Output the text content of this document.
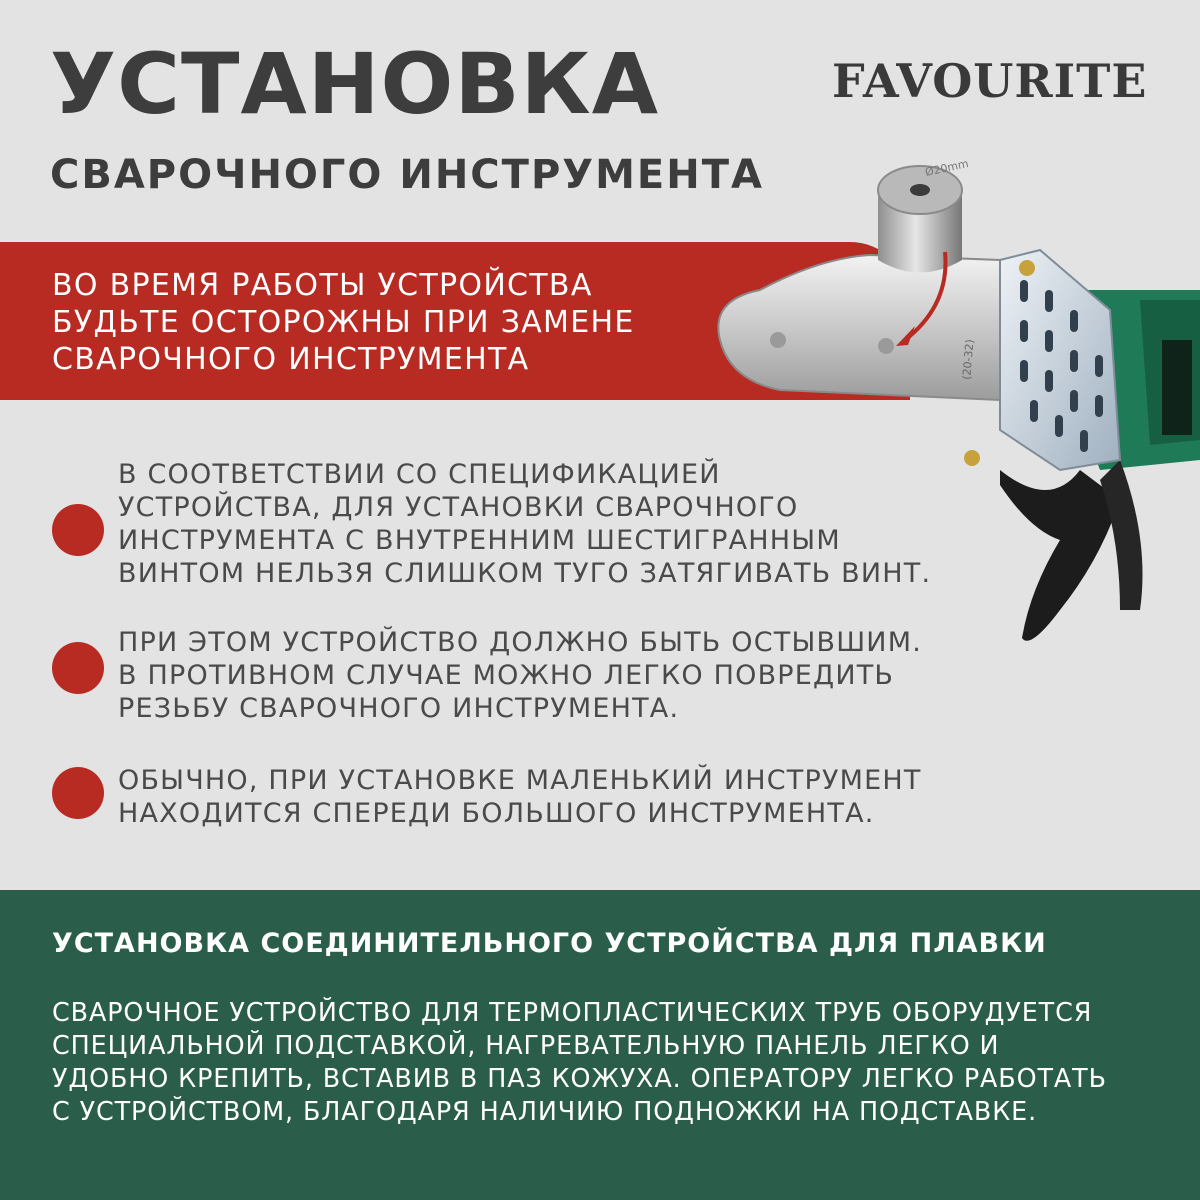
УСТАНОВКА
СВАРОЧНОГО ИНСТРУМЕНТА
FAVOURITE
(20-32)
Ø20mm

ВО ВРЕМЯ РАБОТЫ УСТРОЙСТВА
БУДЬТЕ ОСТОРОЖНЫ ПРИ ЗАМЕНЕ
СВАРОЧНОГО ИНСТРУМЕНТА

В СООТВЕТСТВИИ СО СПЕЦИФИКАЦИЕЙ
УСТРОЙСТВА, ДЛЯ УСТАНОВКИ СВАРОЧНОГО
ИНСТРУМЕНТА С ВНУТРЕННИМ ШЕСТИГРАННЫМ
ВИНТОМ НЕЛЬЗЯ СЛИШКОМ ТУГО ЗАТЯГИВАТЬ ВИНТ.

ПРИ ЭТОМ УСТРОЙСТВО ДОЛЖНО БЫТЬ ОСТЫВШИМ.
В ПРОТИВНОМ СЛУЧАЕ МОЖНО ЛЕГКО ПОВРЕДИТЬ
РЕЗЬБУ СВАРОЧНОГО ИНСТРУМЕНТА.

ОБЫЧНО, ПРИ УСТАНОВКЕ МАЛЕНЬКИЙ ИНСТРУМЕНТ
НАХОДИТСЯ СПЕРЕДИ БОЛЬШОГО ИНСТРУМЕНТА.

УСТАНОВКА СОЕДИНИТЕЛЬНОГО УСТРОЙСТВА ДЛЯ ПЛАВКИ

СВАРОЧНОЕ УСТРОЙСТВО ДЛЯ ТЕРМОПЛАСТИЧЕСКИХ ТРУБ ОБОРУДУЕТСЯ
СПЕЦИАЛЬНОЙ ПОДСТАВКОЙ, НАГРЕВАТЕЛЬНУЮ ПАНЕЛЬ ЛЕГКО И
УДОБНО КРЕПИТЬ, ВСТАВИВ В ПАЗ КОЖУХА. ОПЕРАТОРУ ЛЕГКО РАБОТАТЬ
С УСТРОЙСТВОМ, БЛАГОДАРЯ НАЛИЧИЮ ПОДНОЖКИ НА ПОДСТАВКЕ.
